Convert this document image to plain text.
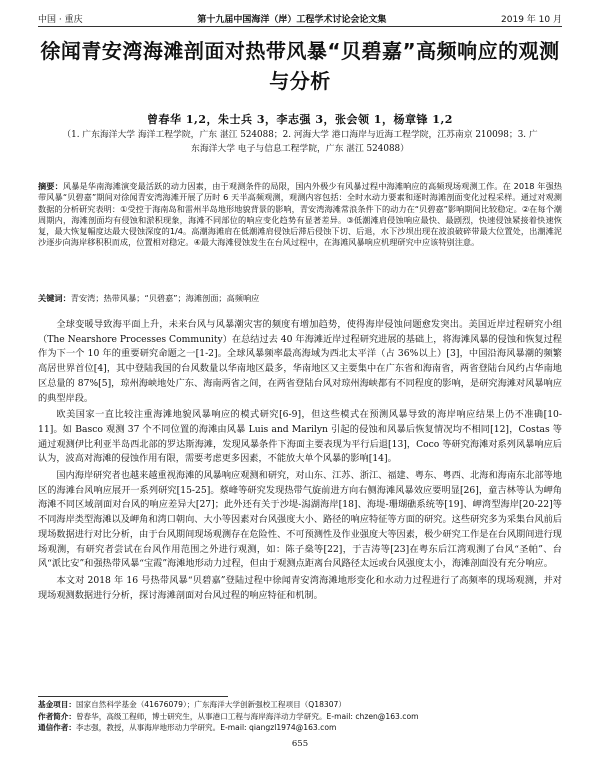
中国 · 重庆	第十九届中国海洋（岸）工程学术讨论会论文集	2019 年 10 月
徐闻青安湾海滩剖面对热带风暴“贝碧嘉”高频响应的观测与分析
曾春华 1,2，朱士兵 3，李志强 3，张会领 1，杨章锋 1,2
（1. 广东海洋大学 海洋工程学院，广东 湛江 524088；2. 河海大学 港口海岸与近海工程学院，江苏南京 210098；3. 广东海洋大学 电子与信息工程学院，广东 湛江 524088）
摘要：风暴是华南海滩演变最活跃的动力因素，由于观测条件的局限，国内外极少有风暴过程中海滩响应的高频现场观测工作。在 2018 年强热带风暴“贝碧嘉”期间对徐闻青安湾海滩开展了历时 6 天半高频观测，观测内容包括：全时水动力要素和逐时海滩剖面变化过程采样。通过对观测数据的分析研究表明：①受控于海南岛和雷州半岛地形地貌背景的影响，青安湾海滩常浪条件下的动力在“贝碧嘉”影响期间比较稳定。②在每个潮周期内，海滩剖面均有侵蚀和淤积现象，海滩不同部位的响应变化趋势有显著差异。③低潮滩肩侵蚀响应最快、最剧烈，快速侵蚀紧接着快速恢复，最大恢复幅度达最大侵蚀深度的1/4。高潮海滩肩在低潮滩肩侵蚀后滞后侵蚀下切、后退，水下沙坝出现在波浪破碎带最大位置处，出潮滩泥沙逐步向海岸移积积而成，位置相对稳定。④最大海滩侵蚀发生在台风过程中，在海滩风暴响应机理研究中应该特别注意。
关键词：青安湾；热带风暴；“贝碧嘉”；海滩剖面；高频响应

全球变暖导致海平面上升，未来台风与风暴潮灾害的频度有增加趋势，使得海岸侵蚀问题愈发突出。美国近岸过程研究小组（The Nearshore Processes Community）在总结过去 40 年海滩近岸过程研究进展的基础上，将海滩风暴的侵蚀和恢复过程作为下一个 10 年的重要研究命题之一[1-2]。全球风暴频率最高海域为西北太平洋（占 36%以上）[3]，中国沿海风暴潮的频繁高居世界首位[4]，其中登陆我国的台风数量以华南地区最多，华南地区又主要集中在广东省和海南省，两省登陆台风约占华南地区总量的 87%[5]，琼州海峡地处广东、海南两省之间，在两省登陆台风对琼州海峡都有不同程度的影响，是研究海滩对风暴响应的典型岸段。

欧美国家一直比较注重海滩地貌风暴响应的模式研究[6-9]，但这些模式在预测风暴导致的海岸响应结果上仍不准确[10-11]。如 Basco 观测 37 个不同位置的海滩由风暴 Luis and Marilyn 引起的侵蚀和风暴后恢复情况均不相同[12]，Costas 等通过观测伊比利亚半岛西北部的罗达斯海滩，发现风暴条件下海面主要表现为平行后退[13]，Coco 等研究海滩对系列风暴响应后认为，波高对海滩的侵蚀作用有限，需要考虑更多因素，不能放大单个风暴的影响[14]。

国内海岸研究者也越来越重视海滩的风暴响应观测和研究，对山东、江苏、浙江、福建、粤东、粤西、北海和海南东北部等地区的海滩台风响应展开一系列研究[15-25]。蔡峰等研究发现热带气旋前进方向右侧海滩风暴效应要明显[26]，童吉林等认为岬角海滩不同区域剖面对台风的响应差异大[27]；此外还有关于沙堤-潟湖海岸[18]、海堤-珊瑚礁系统等[19]、岬湾型海岸[20-22]等不同海岸类型海滩以及岬角和湾口朝向、大小等因素对台风强度大小、路径的响应特征等方面的研究。这些研究多为采集台风前后现场数据进行对比分析，由于台风期间现场观测存在危险性、不可预测性及作业强度大等因素，极少研究工作是在台风期间进行现场观测，有研究者尝试在台风作用范围之外进行观测，如：陈子燊等[22]，于吉涛等[23]在粤东后江湾观测了台风“圣帕”、台风“派比安”和强热带风暴“宝霞”海滩地形动力过程，但由于观测点距离台风路径太远或台风强度太小，海滩剖面没有充分响应。

本文对 2018 年 16 号热带风暴“贝碧嘉”登陆过程中徐闻青安湾海滩地形变化和水动力过程进行了高频率的现场观测，并对现场观测数据进行分析，探讨海滩剖面对台风过程的响应特征和机制。

基金项目：国家自然科学基金（41676079）；广东海洋大学创新强校工程项目（Q18307）
作者简介：曾春华，高级工程师，博士研究生，从事港口工程与海岸海洋动力学研究。E-mail: chzen@163.com
通信作者：李志强，教授，从事海岸地形动力学研究。E-mail: qiangzl1974@163.com
655
